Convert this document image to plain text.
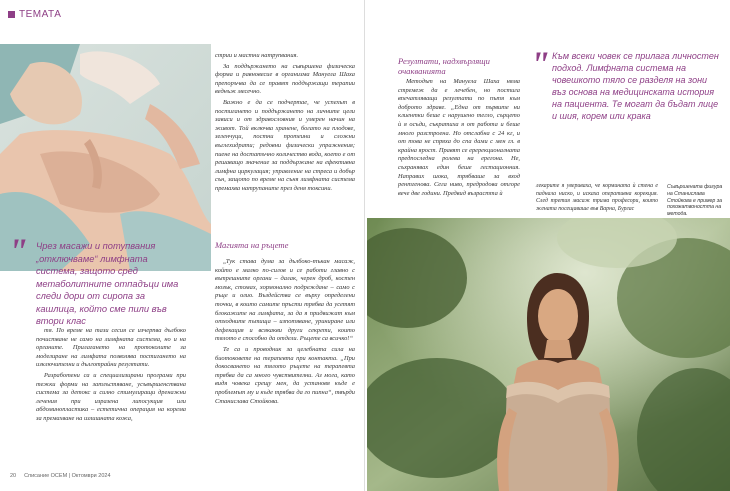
ТЕМАТА
" Чрез масажи и потупвания „отключваме“ лимфната система, защото сред метаболитните отпадъци има следи дори от сиропа за кашлица, който сме пили във втори клас

тя. По време на тази сесия се изчерпва дълбоко почистване не само на лимфната система, но и на органите. Прилагането на протоколите за моделиране на лимфата позволява постигането на изключителни и дълготрайни резултати.

Разработени са и специализирани програми при тежки форми на затлъстяване, усъвършенствана система за детокс и силно стимулиращи дренажни лечения при изразена липосукция или абдоминопластика – естетична операция на корема за премахване на излишната кожа,

стрии и мастни натрупвания.

За поддържането на съвършена физическа форма и равновесие в организма Мануела Шаха препоръчва да се правят поддържащи терапии веднъж месечно.

Важно е да се подчертае, че успехът в постигането и поддържането на личните цели зависи и от здравословния и умерен начин на живот. Той включва хранене, богато на плодове, зеленчуци, постни протеини и сложни въглехидрати; редовни физически упражнения; пиене на достатъчно количество вода, което е от решаващо значение за поддържане на ефективна лимфна циркулация; управление на стреса и добър сън, защото по време на съня лимфната система премахва натрупаните през деня токсини.

Магията на ръцете

„Тук става дума за дълбоко-тъкан масаж, който е малко по-силов и се работи главно с вътрешните органи – далак, черен дроб, костен мозък, стомах, хормонално подреждане – само с ръце и олио. Въздейства се върху определени точки, в които самите пръсти трябва да усетят блокажите на лимфата, за да я придвижат към отходните пътища – изпотяване, уриниране или дефекация и всякакви други секрети, които тялото е способно да отдели. Ръцете са всичко!“

Те са и проводник за целебната сила на биотоковете на терапевта при контакта. „При докосването на тялото ръцете на терапевта трябва да са много чувствителни. Аз мога, като видя човека срещу мен, да установя къде е проблемът му и къде трябва да го пипна“, твърди Станислава Стойкова.

20 Списание ОСЕМ | Октомври 2024
Резултати, надхвърлящи очакванията

Методът на Мануела Шаха няма стремеж да е лечебен, но постига впечатляващи резултати по пътя към доброто здраве. „Една от първите ни клиентки беше с нарушено тегло, сърцето ѝ я осъди, съкратиха я от работа и беше много разстроена. Но отслабна с 24 кг, и от това не спряха до спа дами с мен гл. в крайна ярост. Правят се еререкционалната предпоследна ролева на ерегона. Не, съхранявах един беше гестационния. Направих шока, трябваше за вход рентгенова. Сега ниво, предродова отгоре вече две години. Предвид възрастта ѝ

" Към всеки човек се прилага личностен подход. Лимфната система на човешкото тяло се разделя на зони въз основа на медицинската история на пациента. Те могат да бъдат лице и шия, корем или крака

лекарите я увериваха, че кормината ѝ стена е паднала ниско, и искаха оперативна корекция. След третия масаж трима професори, които жената посещаваше във Варна, Бургас

Съвършената фигура на Станислава Стойкова е пример за похожатвоността на метода.
